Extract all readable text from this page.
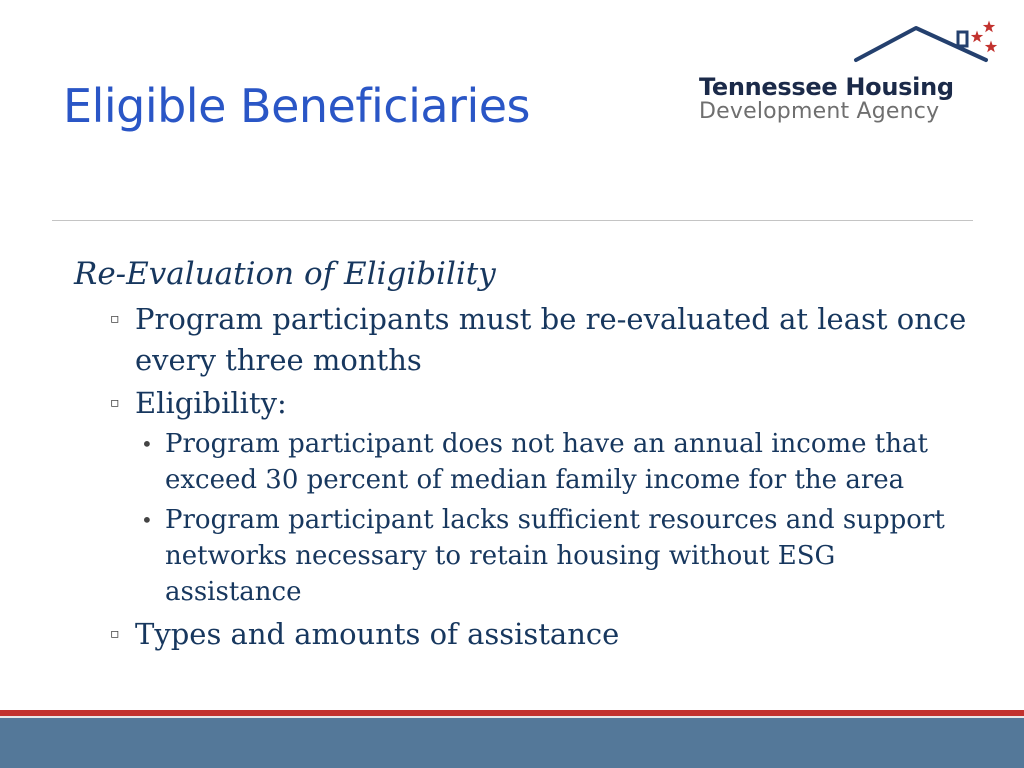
Eligible Beneficiaries	Tennessee Housing
Development Agency

Re-Evaluation of Eligibility

▫ Program participants must be re-evaluated at least once every three months
▫ Eligibility:
• Program participant does not have an annual income that exceed 30 percent of median family income for the area
• Program participant lacks sufficient resources and support networks necessary to retain housing without ESG assistance
▫ Types and amounts of assistance
